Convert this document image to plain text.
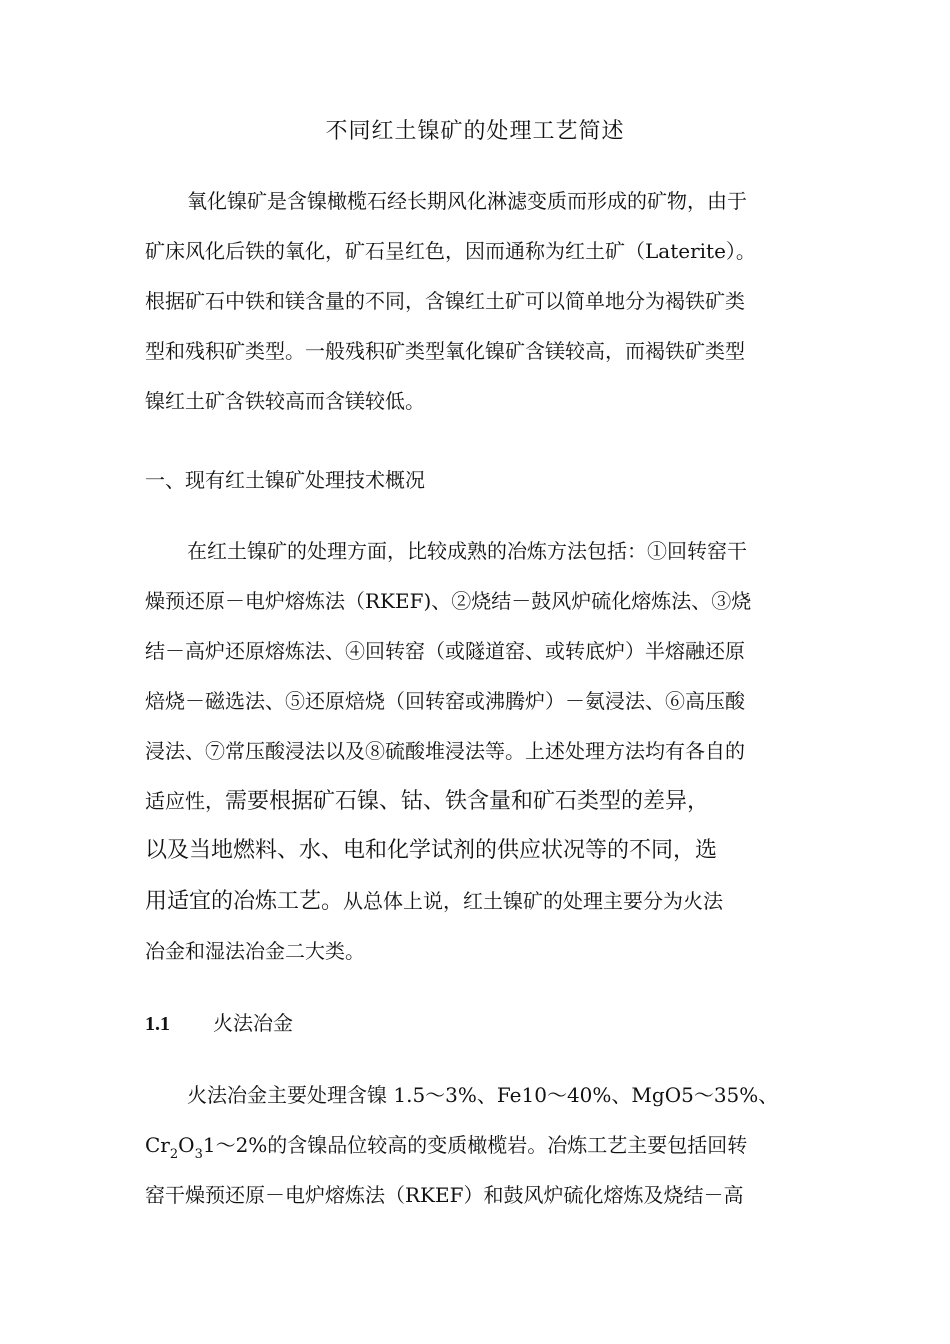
不同红土镍矿的处理工艺简述
氧化镍矿是含镍橄榄石经长期风化淋滤变质而形成的矿物，由于
矿床风化后铁的氧化，矿石呈红色，因而通称为红土矿（Laterite）。
根据矿石中铁和镁含量的不同，含镍红土矿可以简单地分为褐铁矿类
型和残积矿类型。一般残积矿类型氧化镍矿含镁较高，而褐铁矿类型
镍红土矿含铁较高而含镁较低。
一、现有红土镍矿处理技术概况
在红土镍矿的处理方面，比较成熟的冶炼方法包括：①回转窑干
燥预还原－电炉熔炼法（RKEF)、②烧结－鼓风炉硫化熔炼法、③烧
结－高炉还原熔炼法、④回转窑（或隧道窑、或转底炉）半熔融还原
焙烧－磁选法、⑤还原焙烧（回转窑或沸腾炉）－氨浸法、⑥高压酸
浸法、⑦常压酸浸法以及⑧硫酸堆浸法等。上述处理方法均有各自的
适应性，需要根据矿石镍、钴、铁含量和矿石类型的差异，
以及当地燃料、水、电和化学试剂的供应状况等的不同，选
用适宜的冶炼工艺。从总体上说，红土镍矿的处理主要分为火法
冶金和湿法冶金二大类。
1.1 火法冶金
火法冶金主要处理含镍 1.5～3%、Fe10～40%、MgO5～35%、
$Cr_2O_31\sim 2\%$的含镍品位较高的变质橄榄岩。冶炼工艺主要包括回转
窑干燥预还原－电炉熔炼法（RKEF）和鼓风炉硫化熔炼及烧结－高
